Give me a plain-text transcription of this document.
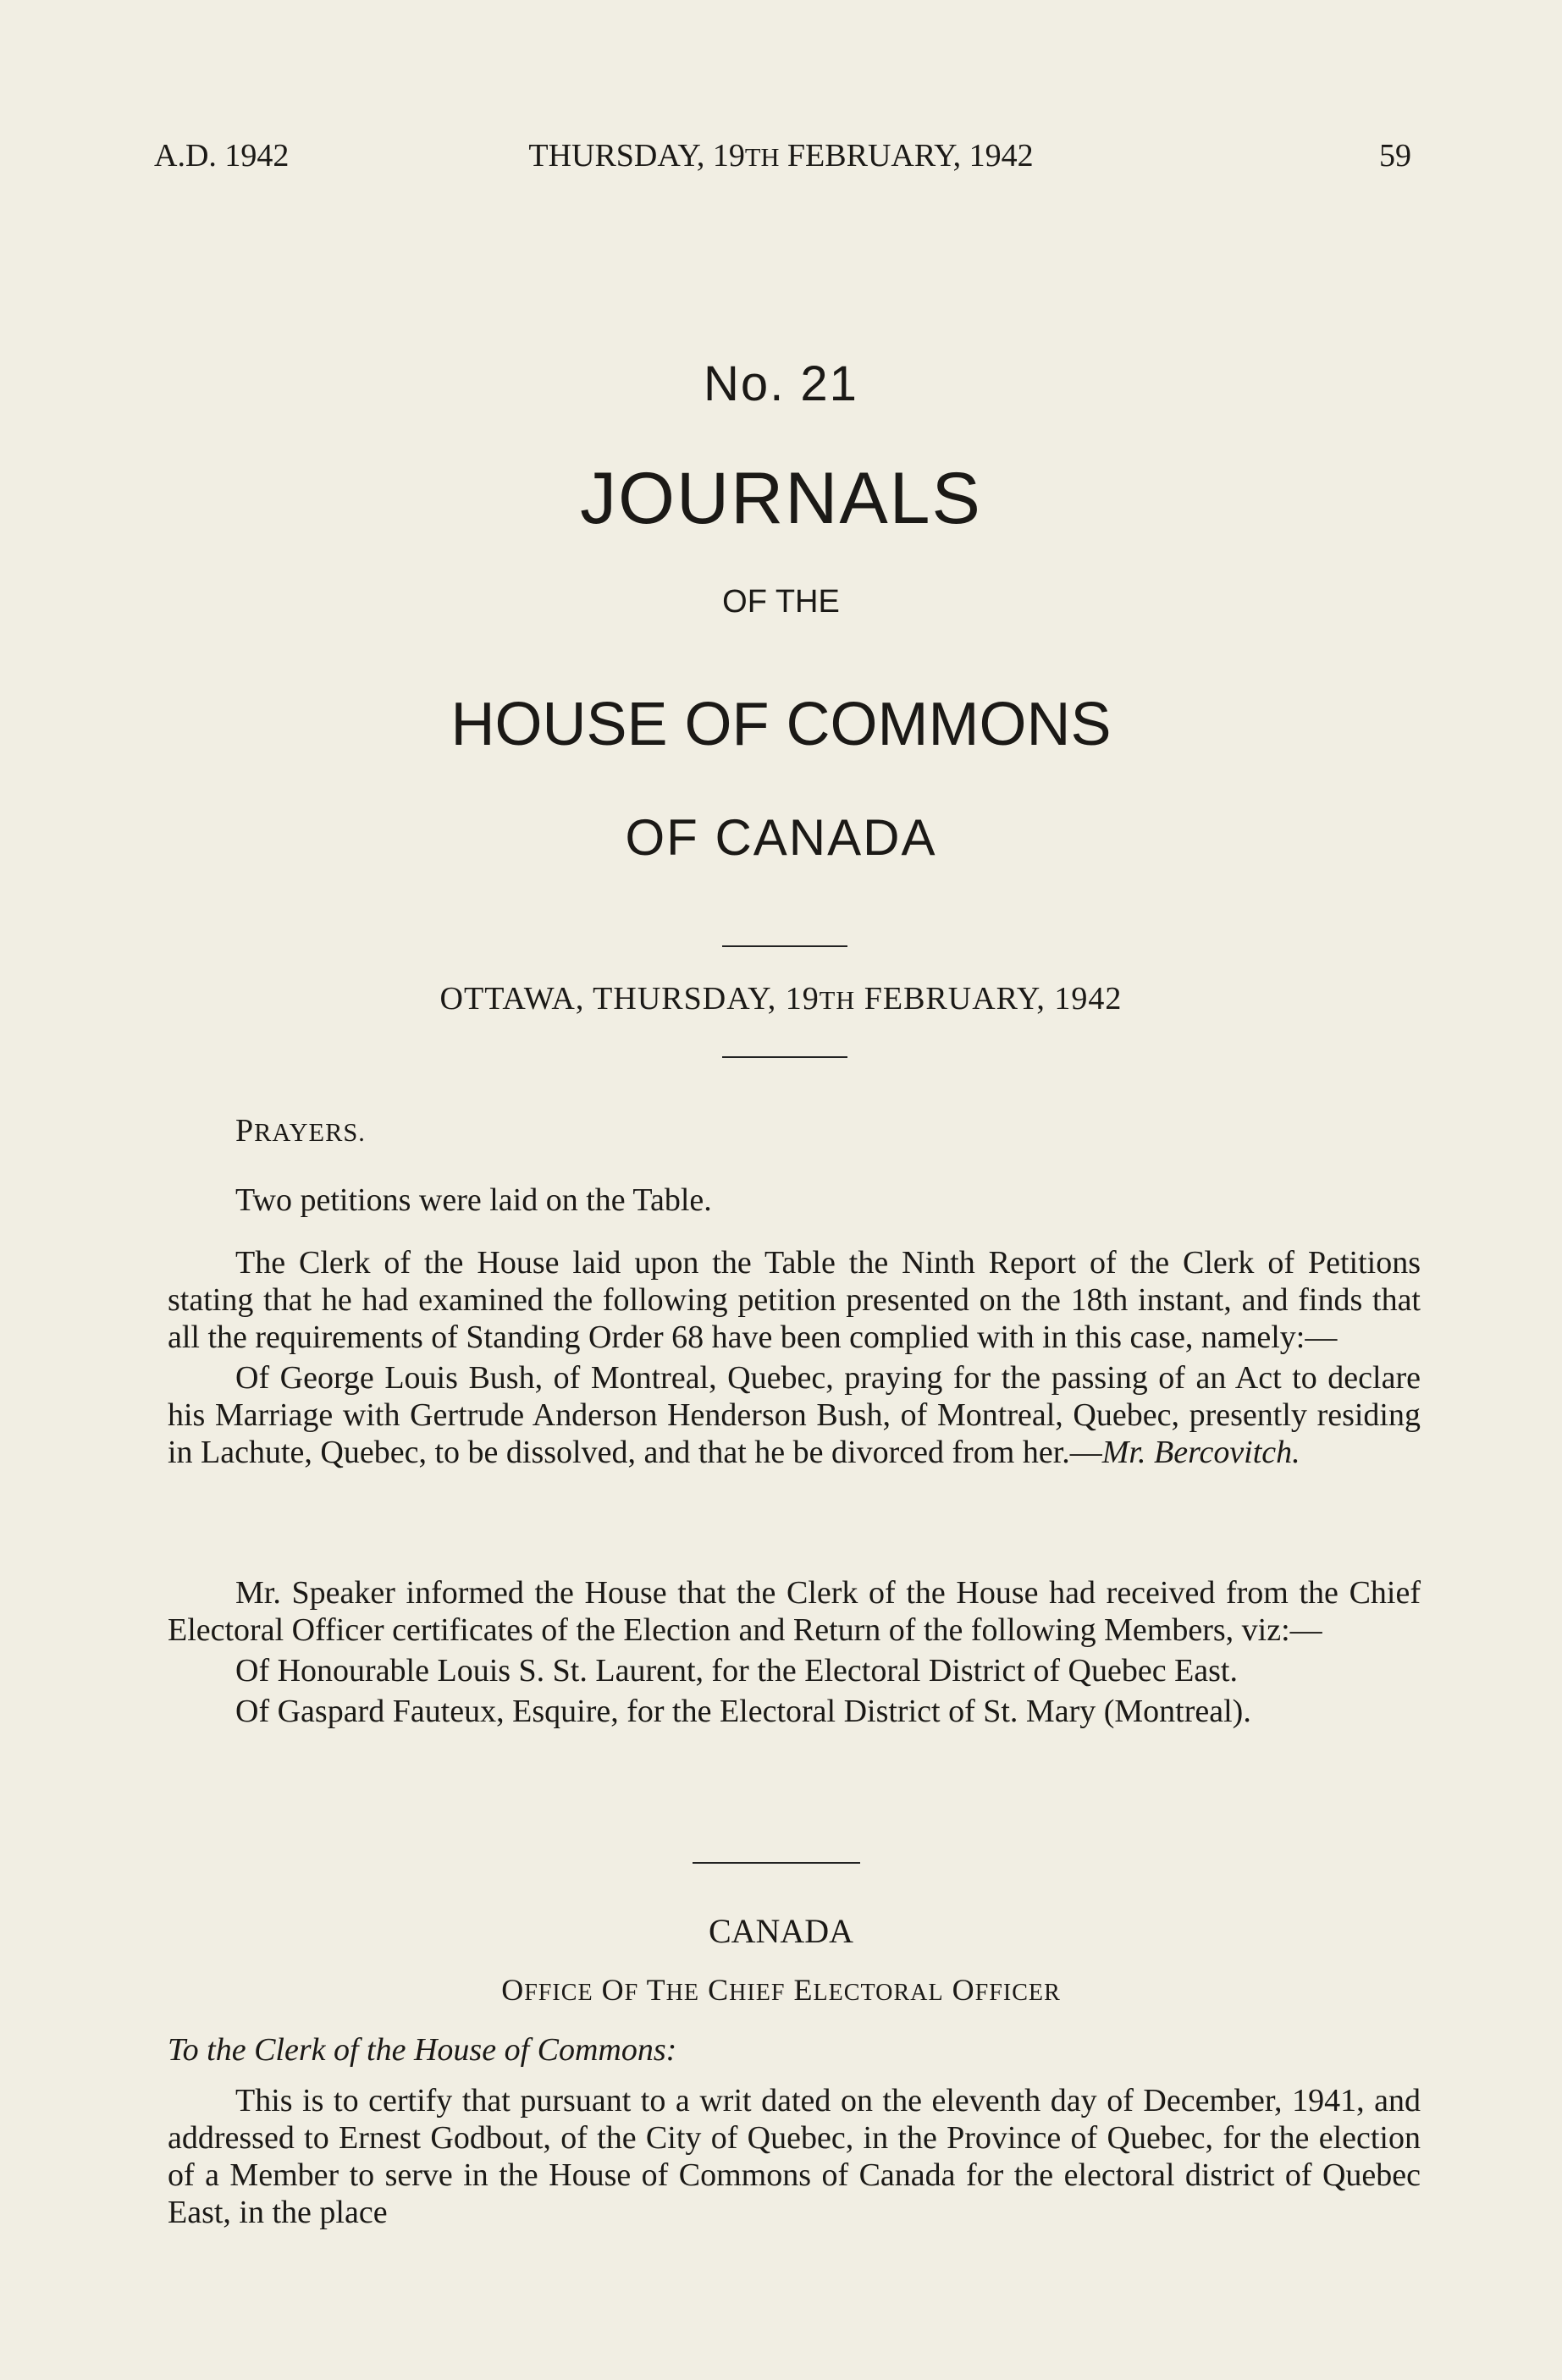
A.D. 1942	THURSDAY, 19TH FEBRUARY, 1942	59
No. 21
JOURNALS
OF THE
HOUSE OF COMMONS
OF CANADA
OTTAWA, THURSDAY, 19TH FEBRUARY, 1942
PRAYERS.

Two petitions were laid on the Table.

The Clerk of the House laid upon the Table the Ninth Report of the Clerk of Petitions stating that he had examined the following petition presented on the 18th instant, and finds that all the requirements of Standing Order 68 have been complied with in this case, namely:—

Of George Louis Bush, of Montreal, Quebec, praying for the passing of an Act to declare his Marriage with Gertrude Anderson Henderson Bush, of Montreal, Quebec, presently residing in Lachute, Quebec, to be dissolved, and that he be divorced from her.—Mr. Bercovitch.

Mr. Speaker informed the House that the Clerk of the House had received from the Chief Electoral Officer certificates of the Election and Return of the following Members, viz:—

Of Honourable Louis S. St. Laurent, for the Electoral District of Quebec East.

Of Gaspard Fauteux, Esquire, for the Electoral District of St. Mary (Montreal).

CANADA
OFFICE OF THE CHIEF ELECTORAL OFFICER
To the Clerk of the House of Commons:

This is to certify that pursuant to a writ dated on the eleventh day of December, 1941, and addressed to Ernest Godbout, of the City of Quebec, in the Province of Quebec, for the election of a Member to serve in the House of Commons of Canada for the electoral district of Quebec East, in the place
